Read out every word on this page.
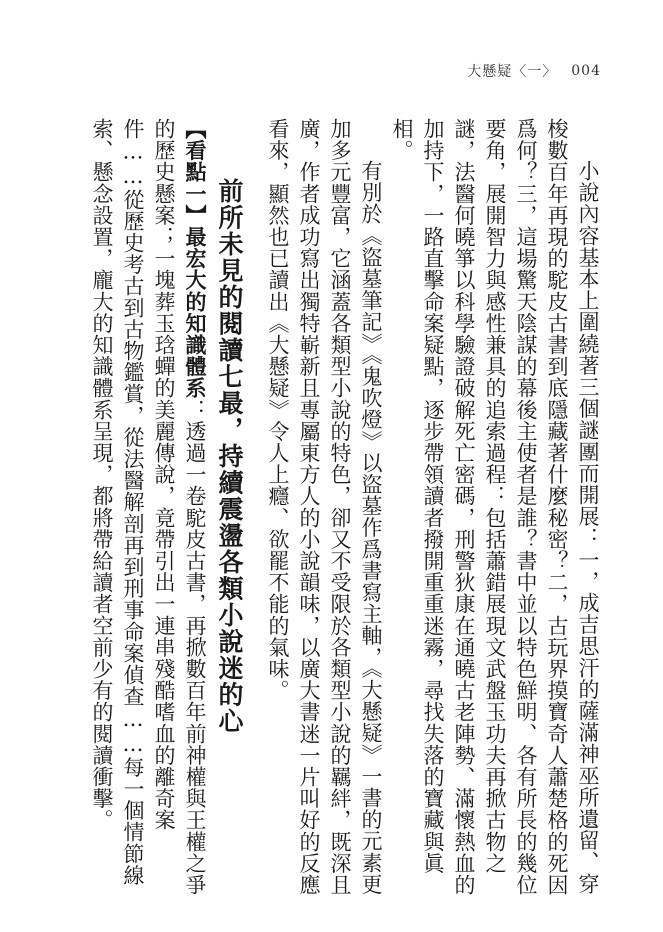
大懸疑〈一〉 004

小說內容基本上圍繞著三個謎團而開展：一，成吉思汗的薩滿神巫所遺留、穿梭數百年再現的駝皮古書到底隱藏著什麼秘密？二，古玩界摸寶奇人蕭楚格的死因爲何？三，這場驚天陰謀的幕後主使者是誰？書中並以特色鮮明、各有所長的幾位要角，展開智力與感性兼具的追索過程：包括蕭錯展現文武盤玉功夫再掀古物之謎，法醫何曉箏以科學驗證破解死亡密碼，刑警狄康在通曉古老陣勢、滿懷熱血的加持下，一路直擊命案疑點，逐步帶領讀者撥開重重迷霧，尋找失落的寶藏與眞相。

有別於《盜墓筆記》《鬼吹燈》以盜墓作爲書寫主軸，《大懸疑》一書的元素更加多元豐富，它涵蓋各類型小說的特色，卻又不受限於各類型小說的羈絆，既深且廣，作者成功寫出獨特嶄新且專屬東方人的小說韻味，以廣大書迷一片叫好的反應看來，顯然也已讀出《大懸疑》令人上癮、欲罷不能的氣味。

前所未見的閱讀七最，持續震盪各類小說迷的心

【看點一】最宏大的知識體系：透過一卷駝皮古書，再掀數百年前神權與王權之爭的歷史懸案；一塊葬玉琀蟬的美麗傳說，竟帶引出一連串殘酷嗜血的離奇案件……從歷史考古到古物鑑賞，從法醫解剖再到刑事命案偵查……每一個情節線索、懸念設置，龐大的知識體系呈現，都將帶給讀者空前少有的閱讀衝擊。
